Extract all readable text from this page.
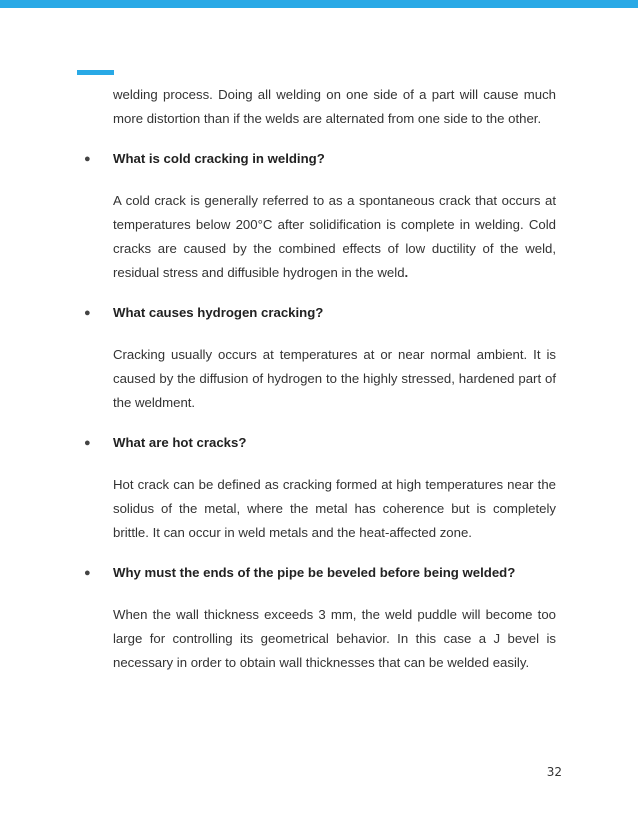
welding process. Doing all welding on one side of a part will cause much more distortion than if the welds are alternated from one side to the other.

●	What is cold cracking in welding?

A cold crack is generally referred to as a spontaneous crack that occurs at temperatures below 200°C after solidification is complete in welding. Cold cracks are caused by the combined effects of low ductility of the weld, residual stress and diffusible hydrogen in the weld.

●	What causes hydrogen cracking?

Cracking usually occurs at temperatures at or near normal ambient. It is caused by the diffusion of hydrogen to the highly stressed, hardened part of the weldment.

●	What are hot cracks?

Hot crack can be defined as cracking formed at high temperatures near the solidus of the metal, where the metal has coherence but is completely brittle. It can occur in weld metals and the heat-affected zone.

●	Why must the ends of the pipe be beveled before being welded?

When the wall thickness exceeds 3 mm, the weld puddle will become too large for controlling its geometrical behavior. In this case a J bevel is necessary in order to obtain wall thicknesses that can be welded easily.

32
